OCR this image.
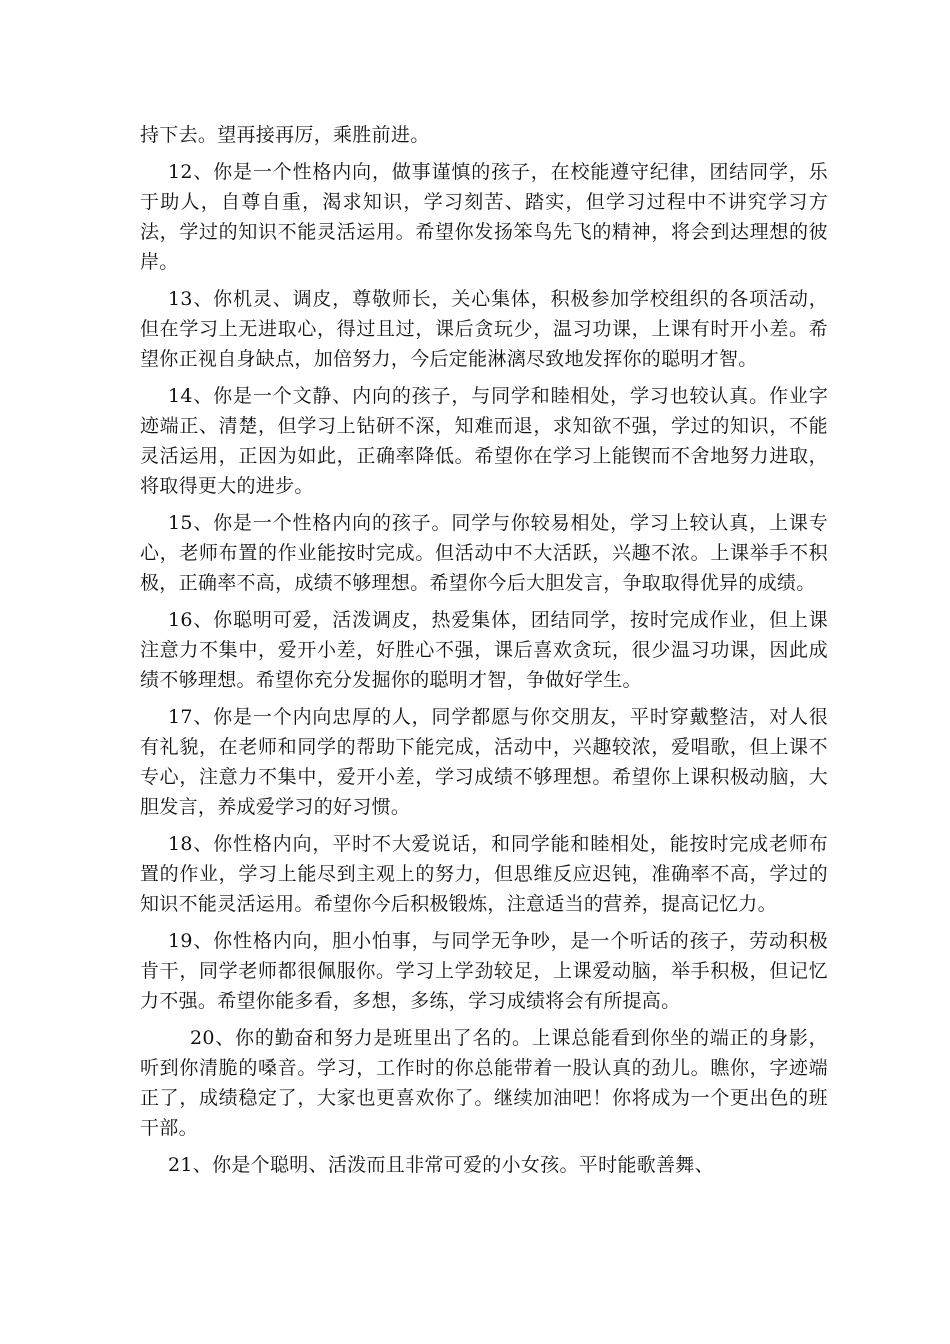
持下去。望再接再厉，乘胜前进。

12、你是一个性格内向，做事谨慎的孩子，在校能遵守纪律，团结同学，乐于助人，自尊自重，渴求知识，学习刻苦、踏实，但学习过程中不讲究学习方法，学过的知识不能灵活运用。希望你发扬笨鸟先飞的精神，将会到达理想的彼岸。

13、你机灵、调皮，尊敬师长，关心集体，积极参加学校组织的各项活动，但在学习上无进取心，得过且过，课后贪玩少，温习功课，上课有时开小差。希望你正视自身缺点，加倍努力，今后定能淋漓尽致地发挥你的聪明才智。

14、你是一个文静、内向的孩子，与同学和睦相处，学习也较认真。作业字迹端正、清楚，但学习上钻研不深，知难而退，求知欲不强，学过的知识，不能灵活运用，正因为如此，正确率降低。希望你在学习上能锲而不舍地努力进取，将取得更大的进步。

15、你是一个性格内向的孩子。同学与你较易相处，学习上较认真，上课专心，老师布置的作业能按时完成。但活动中不大活跃，兴趣不浓。上课举手不积极，正确率不高，成绩不够理想。希望你今后大胆发言，争取取得优异的成绩。

16、你聪明可爱，活泼调皮，热爱集体，团结同学，按时完成作业，但上课注意力不集中，爱开小差，好胜心不强，课后喜欢贪玩，很少温习功课，因此成绩不够理想。希望你充分发掘你的聪明才智，争做好学生。

17、你是一个内向忠厚的人，同学都愿与你交朋友，平时穿戴整洁，对人很有礼貌，在老师和同学的帮助下能完成，活动中，兴趣较浓，爱唱歌，但上课不专心，注意力不集中，爱开小差，学习成绩不够理想。希望你上课积极动脑，大胆发言，养成爱学习的好习惯。

18、你性格内向，平时不大爱说话，和同学能和睦相处，能按时完成老师布置的作业，学习上能尽到主观上的努力，但思维反应迟钝，准确率不高，学过的知识不能灵活运用。希望你今后积极锻炼，注意适当的营养，提高记忆力。

19、你性格内向，胆小怕事，与同学无争吵，是一个听话的孩子，劳动积极肯干，同学老师都很佩服你。学习上学劲较足，上课爱动脑，举手积极，但记忆力不强。希望你能多看，多想，多练，学习成绩将会有所提高。

20、你的勤奋和努力是班里出了名的。上课总能看到你坐的端正的身影，听到你清脆的嗓音。学习，工作时的你总能带着一股认真的劲儿。瞧你，字迹端正了，成绩稳定了，大家也更喜欢你了。继续加油吧！你将成为一个更出色的班干部。

21、你是个聪明、活泼而且非常可爱的小女孩。平时能歌善舞、
